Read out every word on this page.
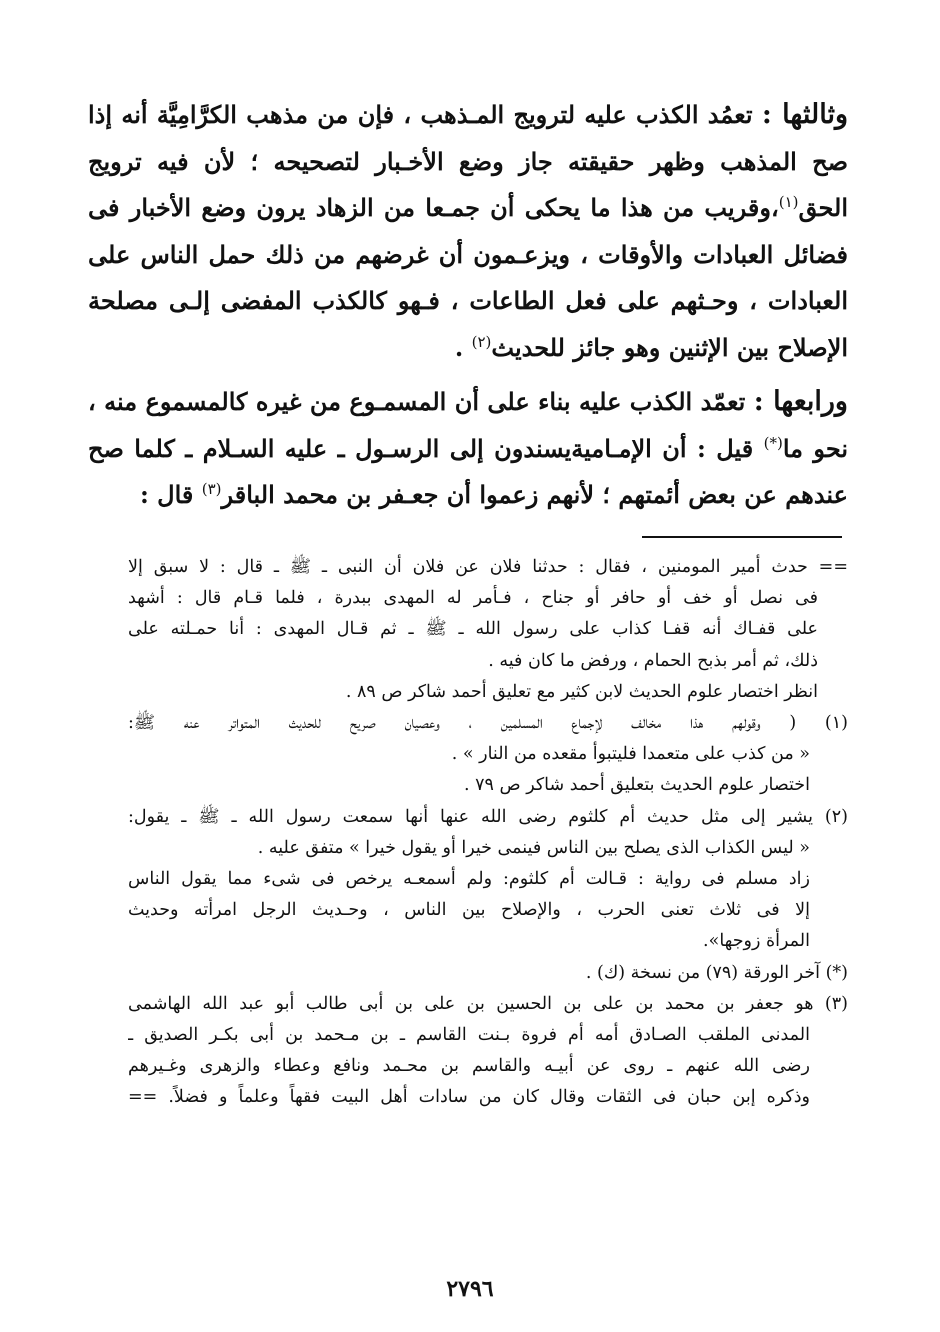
وثالثها : تعمُد الكذب عليه لترويج المـذهب ، فإن من مذهب الكرَّامِيَّة أنه إذا صح المذهب وظهر حقيقته جاز وضع الأخـبار لتصحيحه ؛ لأن فيه ترويج الحق$^{(١)}$،وقريب من هذا ما يحكى أن جمـعا من الزهاد يرون وضع الأخبار فى فضائل العبادات والأوقات ، ويزعـمون أن غرضهم من ذلك حمل الناس على العبادات ، وحـثهم على فعل الطاعات ، فـهو كالكذب المفضى إلـى مصلحة الإصلاح بين الإثنين وهو جائز للحديث$^{(٢)}$ .

ورابعها : تعمّد الكذب عليه بناء على أن المسمـوع من غيره كالمسموع منه ، نحو ما(*) قيل : أن الإمـاميةيسندون إلى الرسـول ـ عليه السـلام ـ كلما صح عندهم عن بعض أئمتهم ؛ لأنهم زعموا أن جعـفر بن محمد الباقر$^{(٣)}$ قال :

== حدث أمير المومنين ، فقال : حدثنا فلان عن فلان أن النبى ـ ﷺ ـ قال : لا سبق إلا
فى نصل أو خف أو حافر أو جناح ، فـأمر له المهدى ببدرة ، فلما قـام قال : أشهد
على قفـاك أنه قفـا كذاب على رسول الله ـ ﷺ ـ ثم قـال المهدى : أنا حمـلته على
ذلك، ثم أمر بذبح الحمام ، ورفض ما كان فيه .
انظر اختصار علوم الحديث لابن كثير مع تعليق أحمد شاكر ص ٨٩ .
(١) ( وقولهم هذا مخالف لإجماع المسلمين ، وعصيان صريح للحديث المتواتر عنه ﷺ:
« من كذب على متعمدا فليتبوأ مقعده من النار » .
اختصار علوم الحديث بتعليق أحمد شاكر ص ٧٩ .
(٢) يشير إلى مثل حديث أم كلثوم رضى الله عنها أنها سمعت رسول الله ـ ﷺ ـ يقول:
« ليس الكذاب الذى يصلح بين الناس فينمى خيرا أو يقول خيرا » متفق عليه .
زاد مسلم فى رواية : قـالت أم كلثوم: ولم أسمعـه يرخص فى شىء مما يقول الناس
إلا فى ثلاث تعنى الحرب ، والإصلاح بين الناس ، وحـديث الرجل امرأته وحديث
المرأة زوجها».
(*) آخر الورقة (٧٩) من نسخة (ك) .
(٣) هو جعفر بن محمد بن على بن الحسين بن على بن أبى طالب أبو عبد الله الهاشمى
المدنى الملقب الصـادق أمه أم فروة بـنت القاسم ـ بن مـحمد بن أبى بكـر الصديق ـ
رضى الله عنهم ـ روى عن أبيـه والقاسم بن محـمد ونافع وعطاء والزهرى وغـيرهم
وذكره إبن حبان فى الثقات وقال كان من سادات أهل البيت فقهاً وعلماً و فضلاً. ==
٢٧٩٦
